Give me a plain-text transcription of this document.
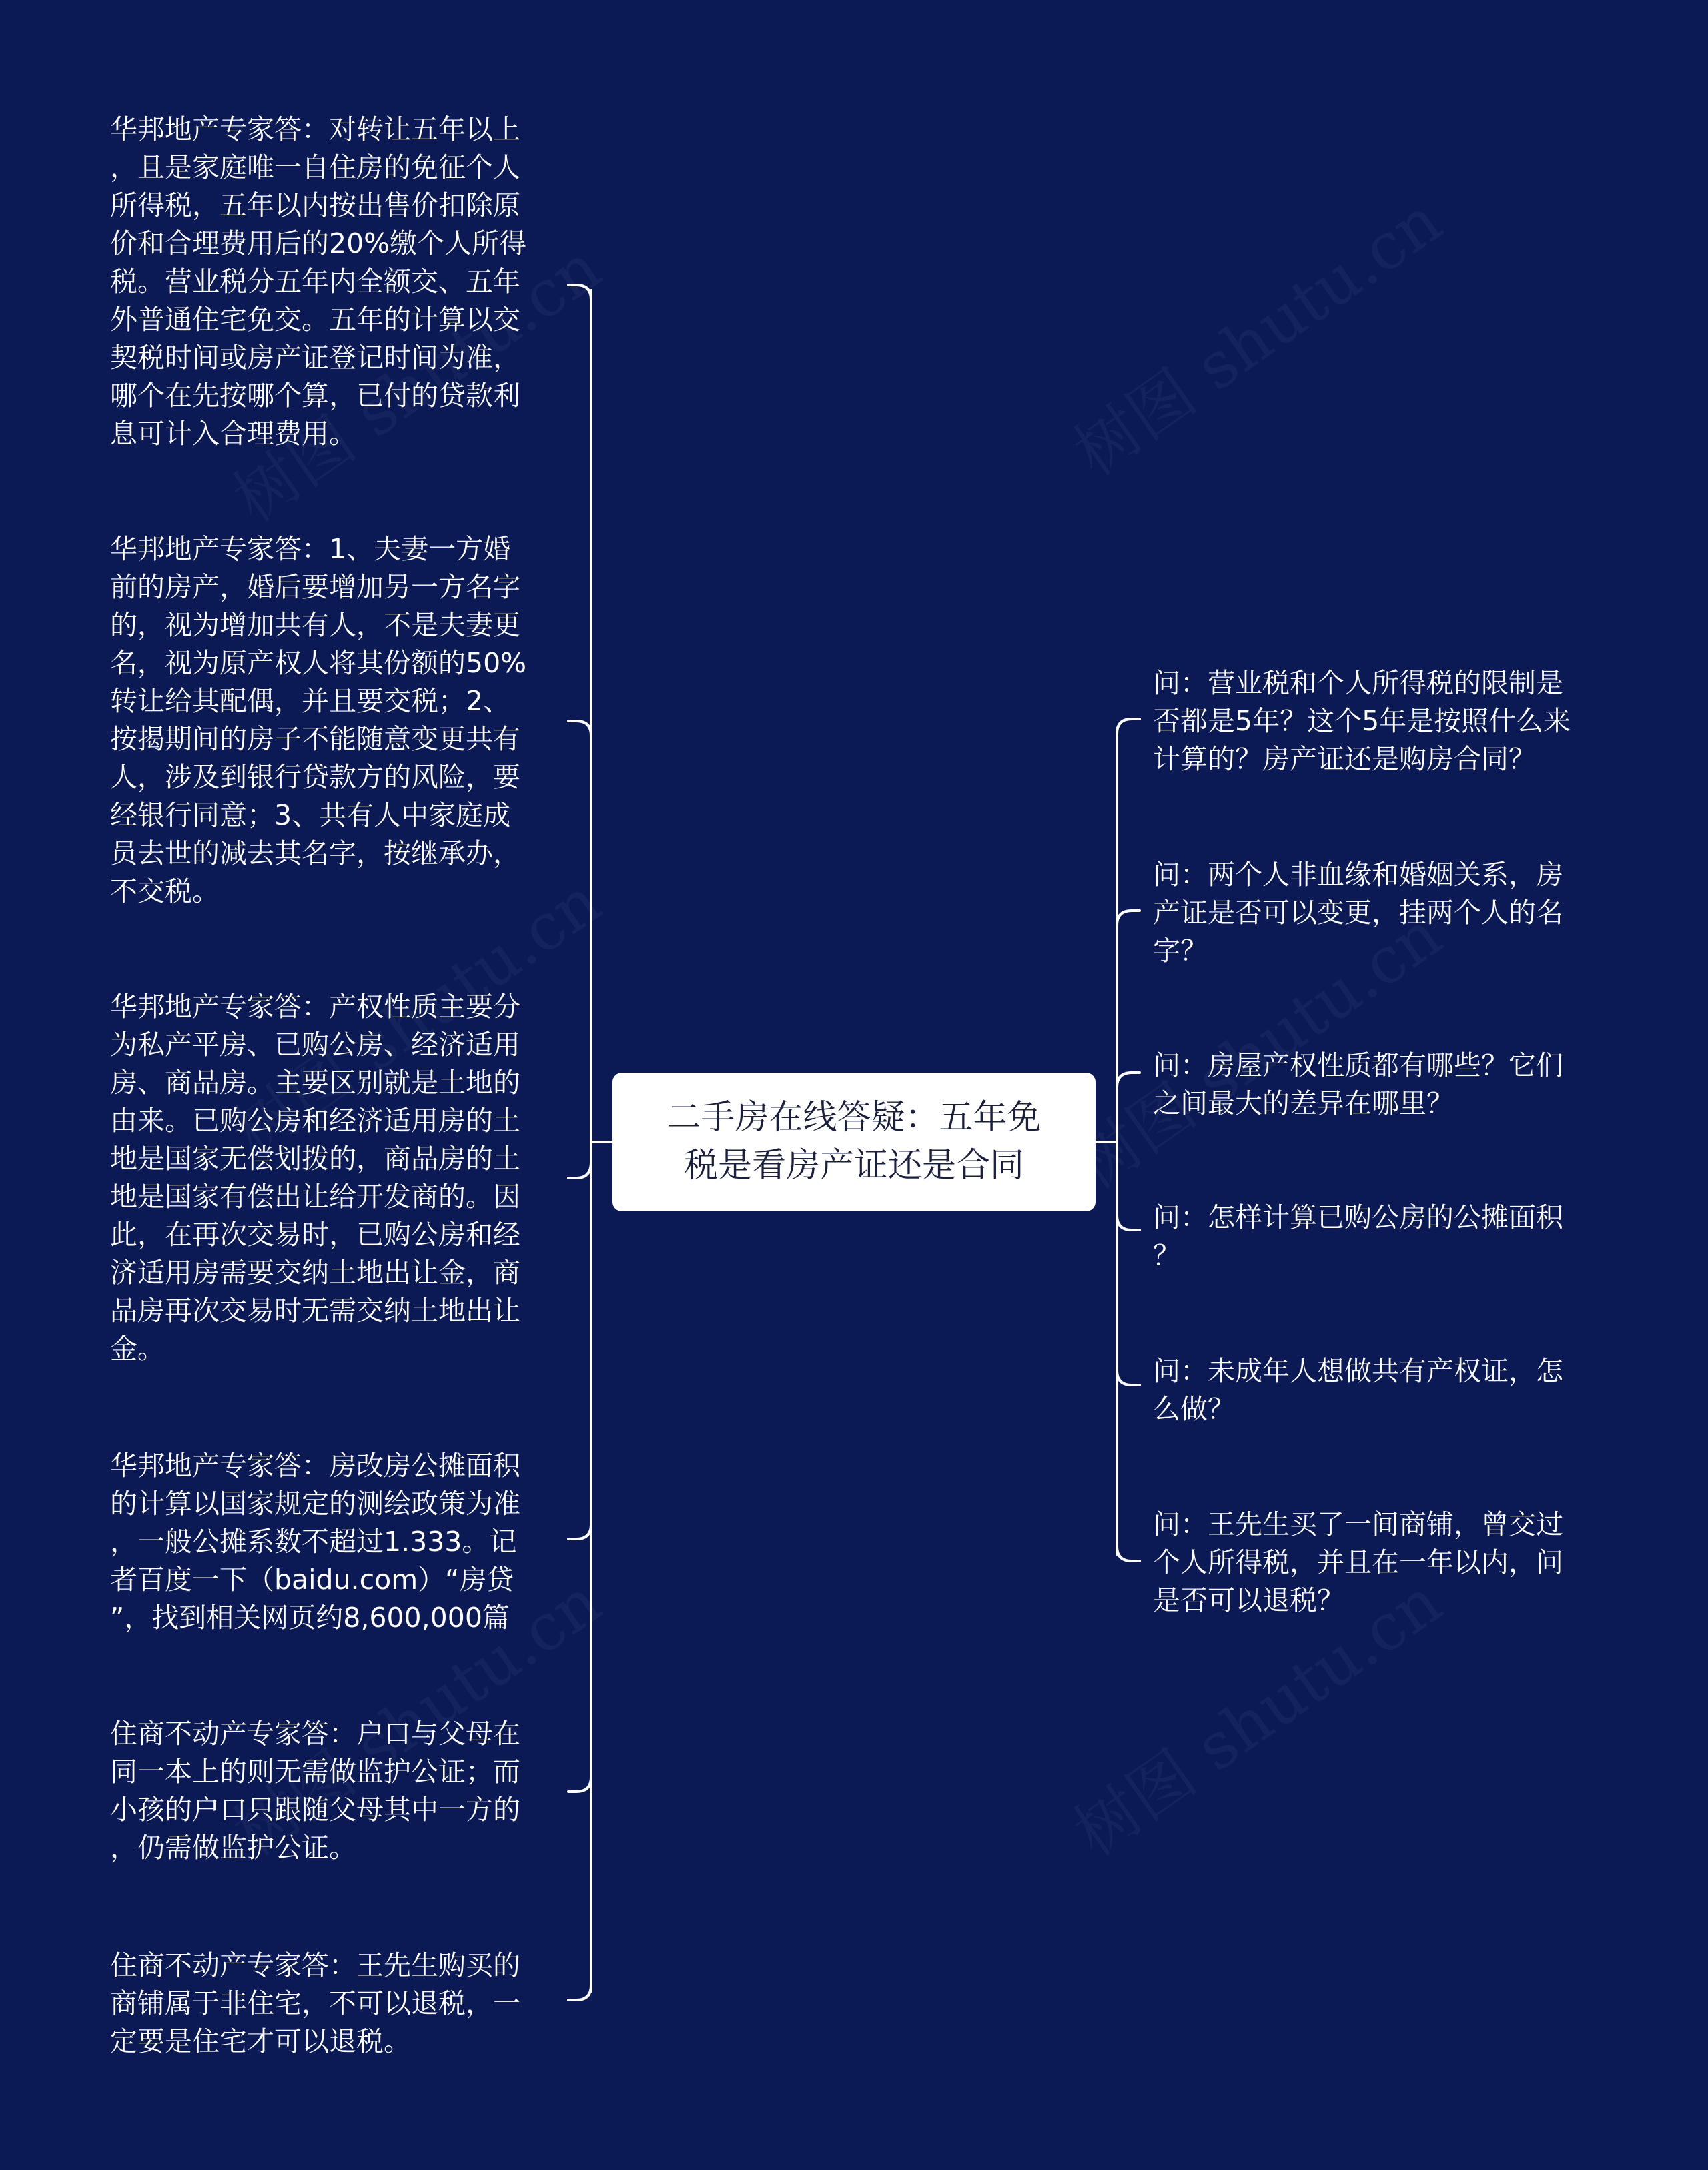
华邦地产专家答：对转让五年以上
，且是家庭唯一自住房的免征个人
所得税，五年以内按出售价扣除原
价和合理费用后的20%缴个人所得
税。营业税分五年内全额交、五年
外普通住宅免交。五年的计算以交
契税时间或房产证登记时间为准，
哪个在先按哪个算，已付的贷款利
息可计入合理费用。
华邦地产专家答：1、夫妻一方婚
前的房产，婚后要增加另一方名字
的，视为增加共有人，不是夫妻更
名，视为原产权人将其份额的50%
转让给其配偶，并且要交税；2、
按揭期间的房子不能随意变更共有
人，涉及到银行贷款方的风险，要
经银行同意；3、共有人中家庭成
员去世的减去其名字，按继承办，
不交税。
华邦地产专家答：产权性质主要分
为私产平房、已购公房、经济适用
房、商品房。主要区别就是土地的
由来。已购公房和经济适用房的土
地是国家无偿划拨的，商品房的土
地是国家有偿出让给开发商的。因
此，在再次交易时，已购公房和经
济适用房需要交纳土地出让金，商
品房再次交易时无需交纳土地出让
金。
华邦地产专家答：房改房公摊面积
的计算以国家规定的测绘政策为准
，一般公摊系数不超过1.333。记
者百度一下（baidu.com）“房贷
”，找到相关网页约8,600,000篇
住商不动产专家答：户口与父母在
同一本上的则无需做监护公证；而
小孩的户口只跟随父母其中一方的
，仍需做监护公证。
住商不动产专家答：王先生购买的
商铺属于非住宅，不可以退税，一
定要是住宅才可以退税。
二手房在线答疑：五年免
税是看房产证还是合同
问：营业税和个人所得税的限制是
否都是5年？这个5年是按照什么来
计算的？房产证还是购房合同？
问：两个人非血缘和婚姻关系，房
产证是否可以变更，挂两个人的名
字？
问：房屋产权性质都有哪些？它们
之间最大的差异在哪里？
问：怎样计算已购公房的公摊面积
？
问：未成年人想做共有产权证，怎
么做？
问：王先生买了一间商铺，曾交过
个人所得税，并且在一年以内，问
是否可以退税？
